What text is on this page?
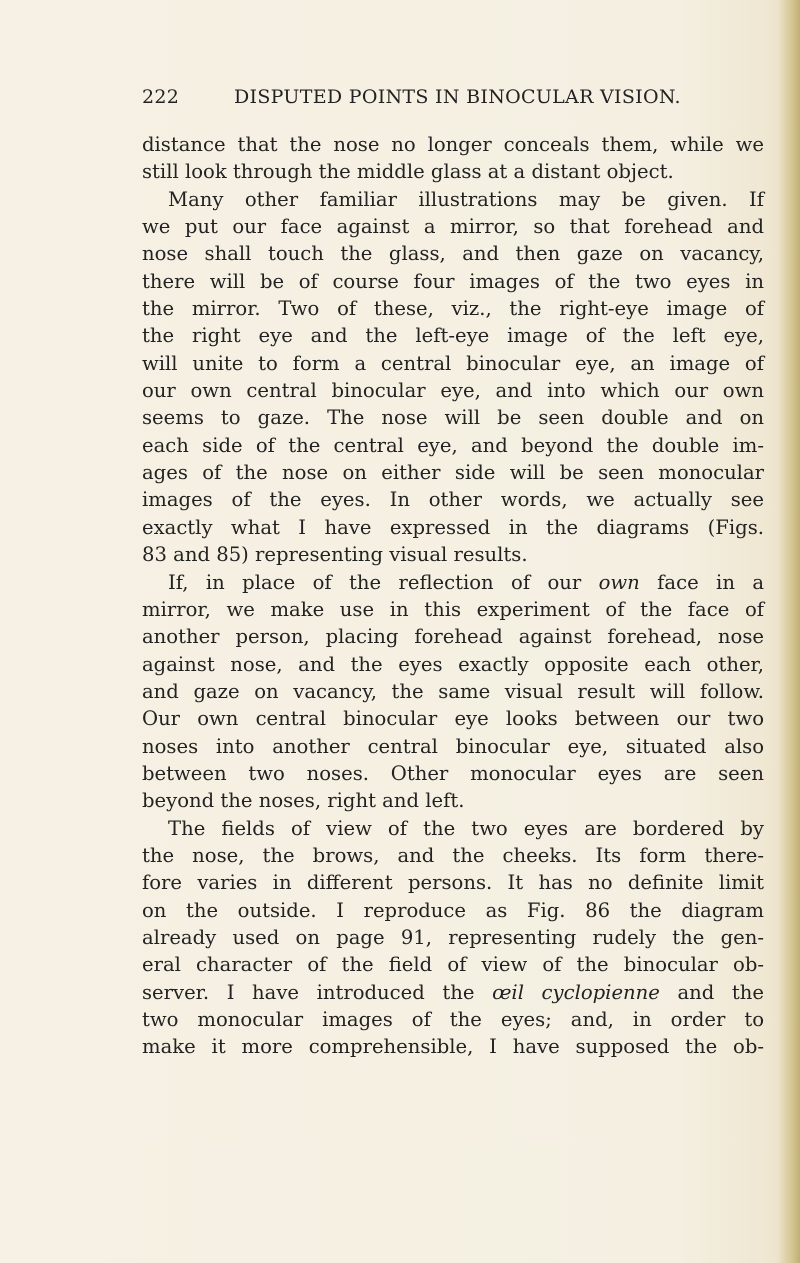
222	DISPUTED POINTS IN BINOCULAR VISION.
distance that the nose no longer conceals them, while we
still look through the middle glass at a distant object.
Many other familiar illustrations may be given. If
we put our face against a mirror, so that forehead and
nose shall touch the glass, and then gaze on vacancy,
there will be of course four images of the two eyes in
the mirror. Two of these, viz., the right-eye image of
the right eye and the left-eye image of the left eye,
will unite to form a central binocular eye, an image of
our own central binocular eye, and into which our own
seems to gaze. The nose will be seen double and on
each side of the central eye, and beyond the double im-
ages of the nose on either side will be seen monocular
images of the eyes. In other words, we actually see
exactly what I have expressed in the diagrams (Figs.
83 and 85) representing visual results.
If, in place of the reflection of our own face in a
mirror, we make use in this experiment of the face of
another person, placing forehead against forehead, nose
against nose, and the eyes exactly opposite each other,
and gaze on vacancy, the same visual result will follow.
Our own central binocular eye looks between our two
noses into another central binocular eye, situated also
between two noses. Other monocular eyes are seen
beyond the noses, right and left.
The fields of view of the two eyes are bordered by
the nose, the brows, and the cheeks. Its form there-
fore varies in different persons. It has no definite limit
on the outside. I reproduce as Fig. 86 the diagram
already used on page 91, representing rudely the gen-
eral character of the field of view of the binocular ob-
server. I have introduced the œil cyclopienne and the
two monocular images of the eyes; and, in order to
make it more comprehensible, I have supposed the ob-
